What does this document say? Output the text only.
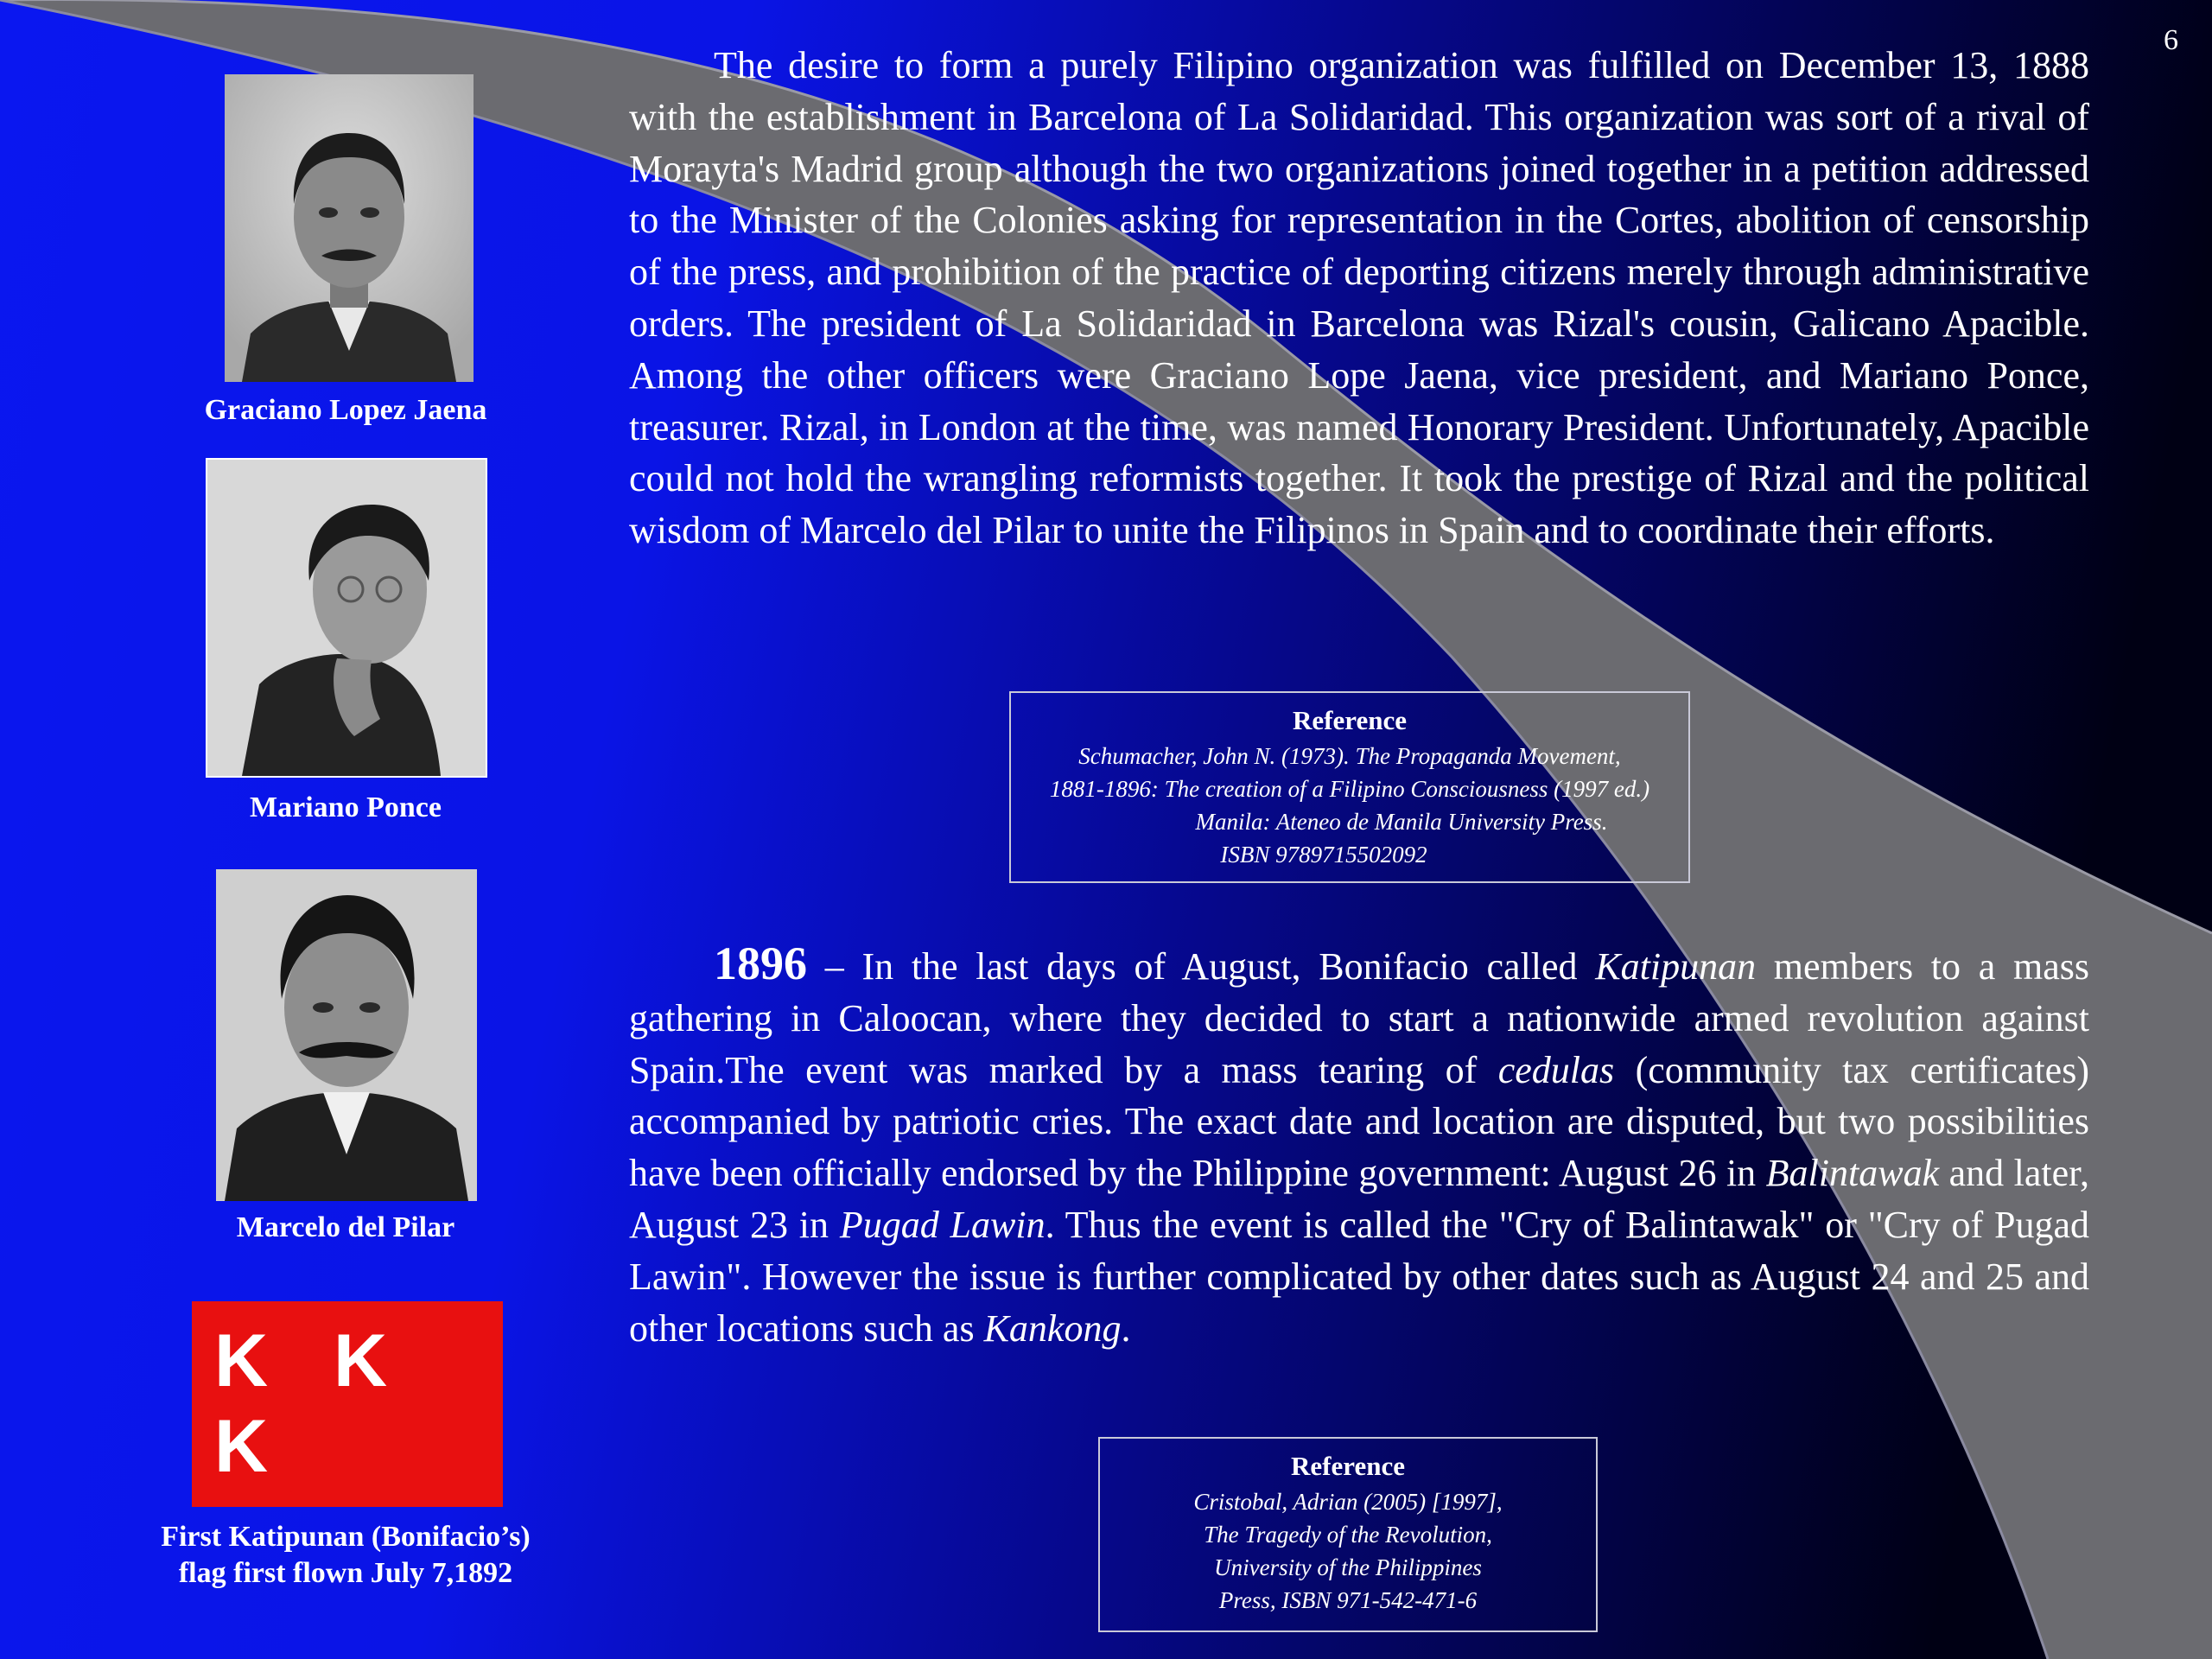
6

The desire to form a purely Filipino organization was fulfilled on December 13, 1888 with the establishment in Barcelona of La Solidaridad. This organization was sort of a rival of Morayta's Madrid group although the two organizations joined together in a petition addressed to the Minister of the Colonies asking for representation in the Cortes, abolition of censorship of the press, and prohibition of the practice of deporting citizens merely through administrative orders. The president of La Solidaridad in Barcelona was Rizal's cousin, Galicano Apacible. Among the other officers were Graciano Lope Jaena, vice president, and Mariano Ponce, treasurer. Rizal, in London at the time, was named Honorary President. Unfortunately, Apacible could not hold the wrangling reformists together. It took the prestige of Rizal and the political wisdom of Marcelo del Pilar to unite the Filipinos in Spain and to coordinate their efforts.

Reference
Schumacher, John N. (1973). The Propaganda Movement,
1881-1896: The creation of a Filipino Consciousness (1997 ed.)
Manila: Ateneo de Manila University Press.
ISBN 9789715502092

1896 – In the last days of August, Bonifacio called Katipunan members to a mass gathering in Caloocan, where they decided to start a nationwide armed revolution against Spain.The event was marked by a mass tearing of cedulas (community tax certificates) accompanied by patriotic cries. The exact date and location are disputed, but two possibilities have been officially endorsed by the Philippine government: August 26 in Balintawak and later, August 23 in Pugad Lawin. Thus the event is called the "Cry of Balintawak" or "Cry of Pugad Lawin". However the issue is further complicated by other dates such as August 24 and 25 and other locations such as Kankong.

Reference
Cristobal, Adrian (2005) [1997],
The Tragedy of the Revolution,
University of the Philippines
Press, ISBN 971-542-471-6
Graciano Lopez Jaena
Mariano Ponce
Marcelo del Pilar
K K K
First Katipunan (Bonifacio’s)
flag first flown July 7,1892
